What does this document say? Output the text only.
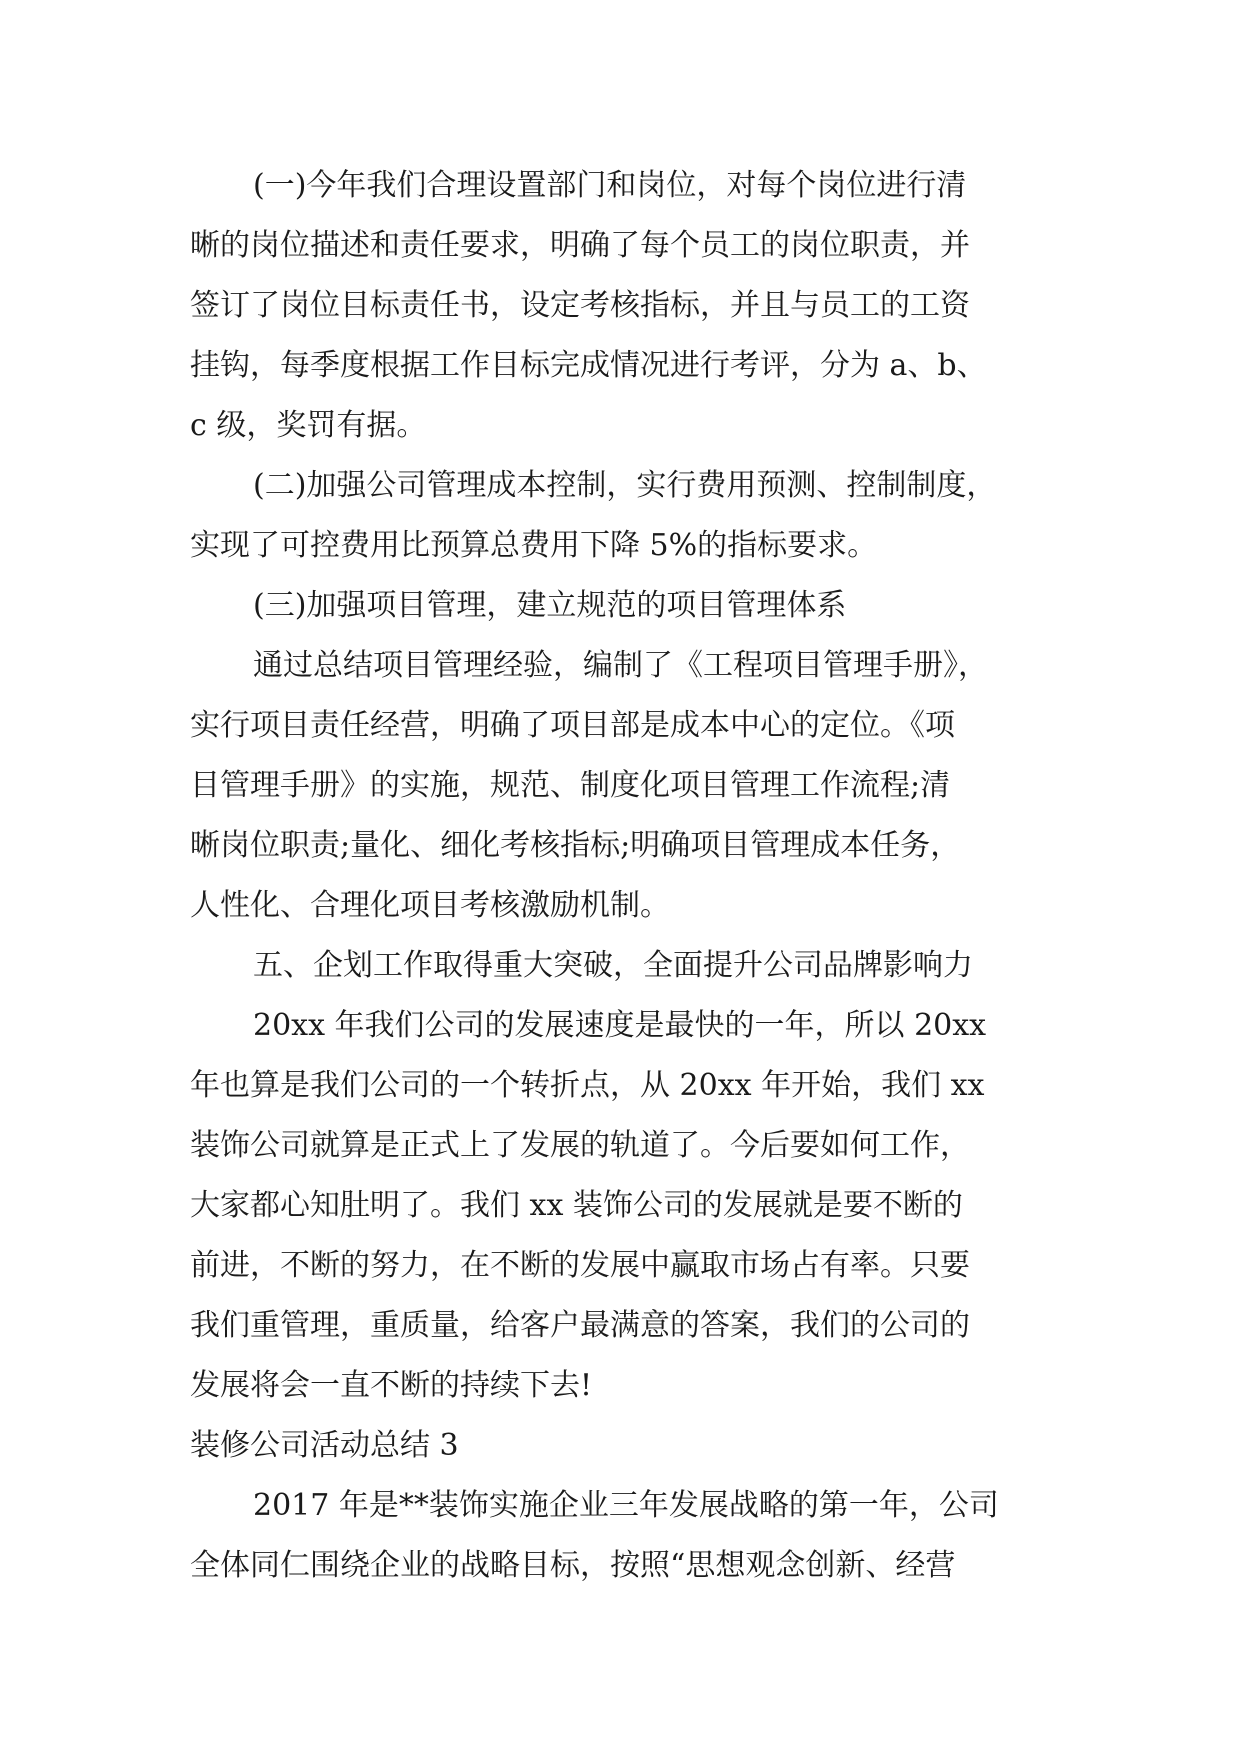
(一)今年我们合理设置部门和岗位，对每个岗位进行清
晰的岗位描述和责任要求，明确了每个员工的岗位职责，并
签订了岗位目标责任书，设定考核指标，并且与员工的工资
挂钩，每季度根据工作目标完成情况进行考评，分为 a、b、
c 级，奖罚有据。
(二)加强公司管理成本控制，实行费用预测、控制制度，
实现了可控费用比预算总费用下降 5%的指标要求。
(三)加强项目管理，建立规范的项目管理体系
通过总结项目管理经验，编制了《工程项目管理手册》，
实行项目责任经营，明确了项目部是成本中心的定位。《项
目管理手册》的实施，规范、制度化项目管理工作流程;清
晰岗位职责;量化、细化考核指标;明确项目管理成本任务，
人性化、合理化项目考核激励机制。
五、企划工作取得重大突破，全面提升公司品牌影响力
20xx 年我们公司的发展速度是最快的一年，所以 20xx
年也算是我们公司的一个转折点，从 20xx 年开始，我们 xx
装饰公司就算是正式上了发展的轨道了。今后要如何工作，
大家都心知肚明了。我们 xx 装饰公司的发展就是要不断的
前进，不断的努力，在不断的发展中赢取市场占有率。只要
我们重管理，重质量，给客户最满意的答案，我们的公司的
发展将会一直不断的持续下去!
装修公司活动总结 3
2017 年是**装饰实施企业三年发展战略的第一年，公司
全体同仁围绕企业的战略目标，按照“思想观念创新、经营
